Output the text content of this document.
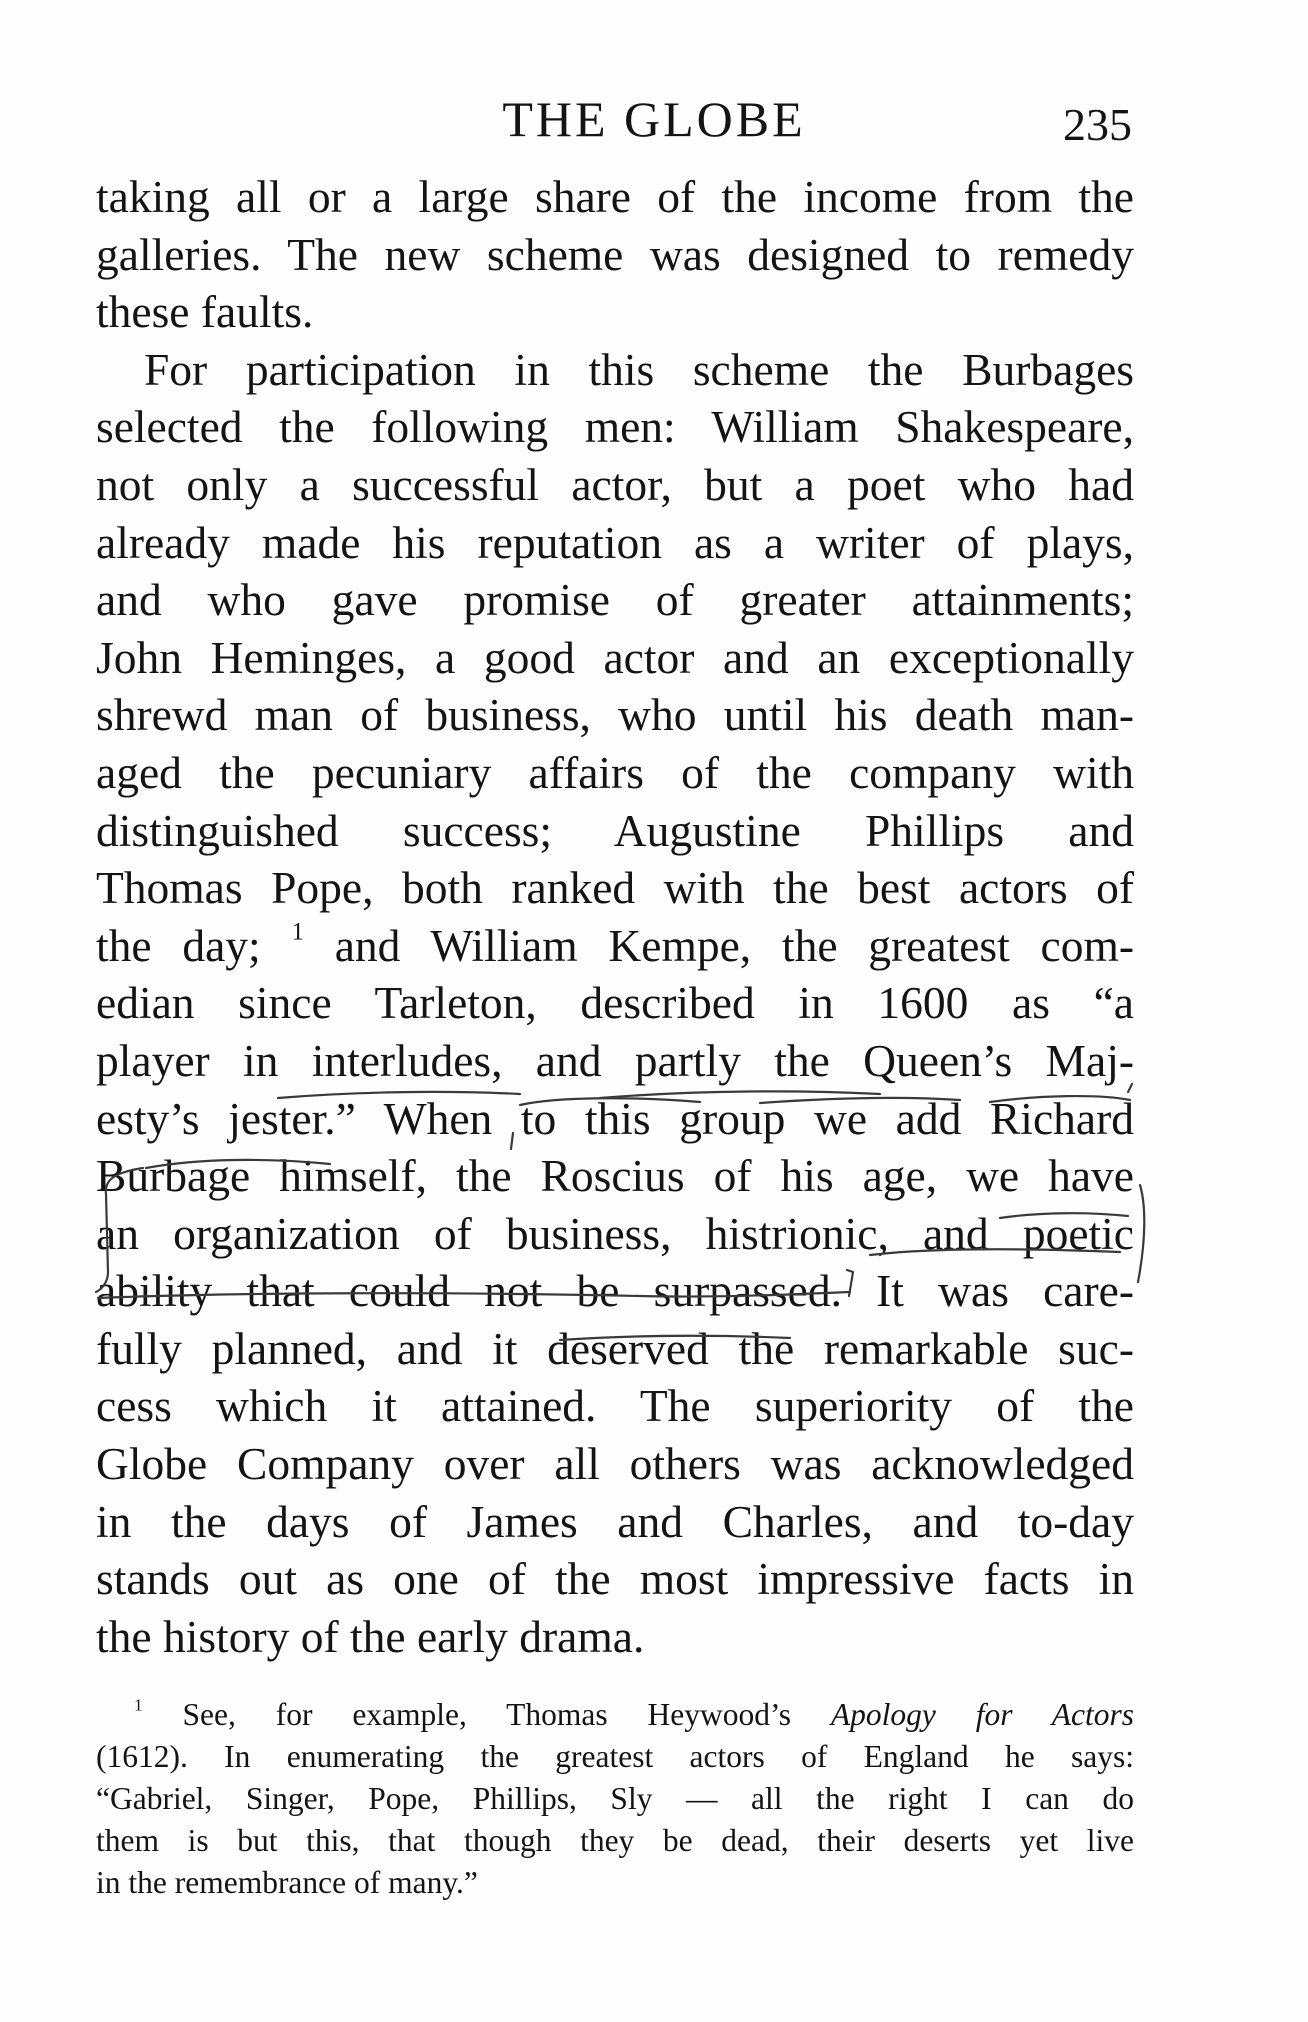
THE GLOBE	235
taking all or a large share of the income from the
galleries. The new scheme was designed to remedy
these faults.
For participation in this scheme the Burbages
selected the following men: William Shakespeare,
not only a successful actor, but a poet who had
already made his reputation as a writer of plays,
and who gave promise of greater attainments;
John Heminges, a good actor and an exceptionally
shrewd man of business, who until his death man-
aged the pecuniary affairs of the company with
distinguished success; Augustine Phillips and
Thomas Pope, both ranked with the best actors of
the day; $^1$ and William Kempe, the greatest com-
edian since Tarleton, described in 1600 as “a
player in interludes, and partly the Queen’s Maj-
esty’s jester.” When to this group we add Richard
Burbage himself, the Roscius of his age, we have
an organization of business, histrionic, and poetic
ability that could not be surpassed. It was care-
fully planned, and it deserved the remarkable suc-
cess which it attained. The superiority of the
Globe Company over all others was acknowledged
in the days of James and Charles, and to-day
stands out as one of the most impressive facts in
the history of the early drama.
$^1$ See, for example, Thomas Heywood’s Apology for Actors
(1612). In enumerating the greatest actors of England he says:
“Gabriel, Singer, Pope, Phillips, Sly — all the right I can do
them is but this, that though they be dead, their deserts yet live
in the remembrance of many.”
